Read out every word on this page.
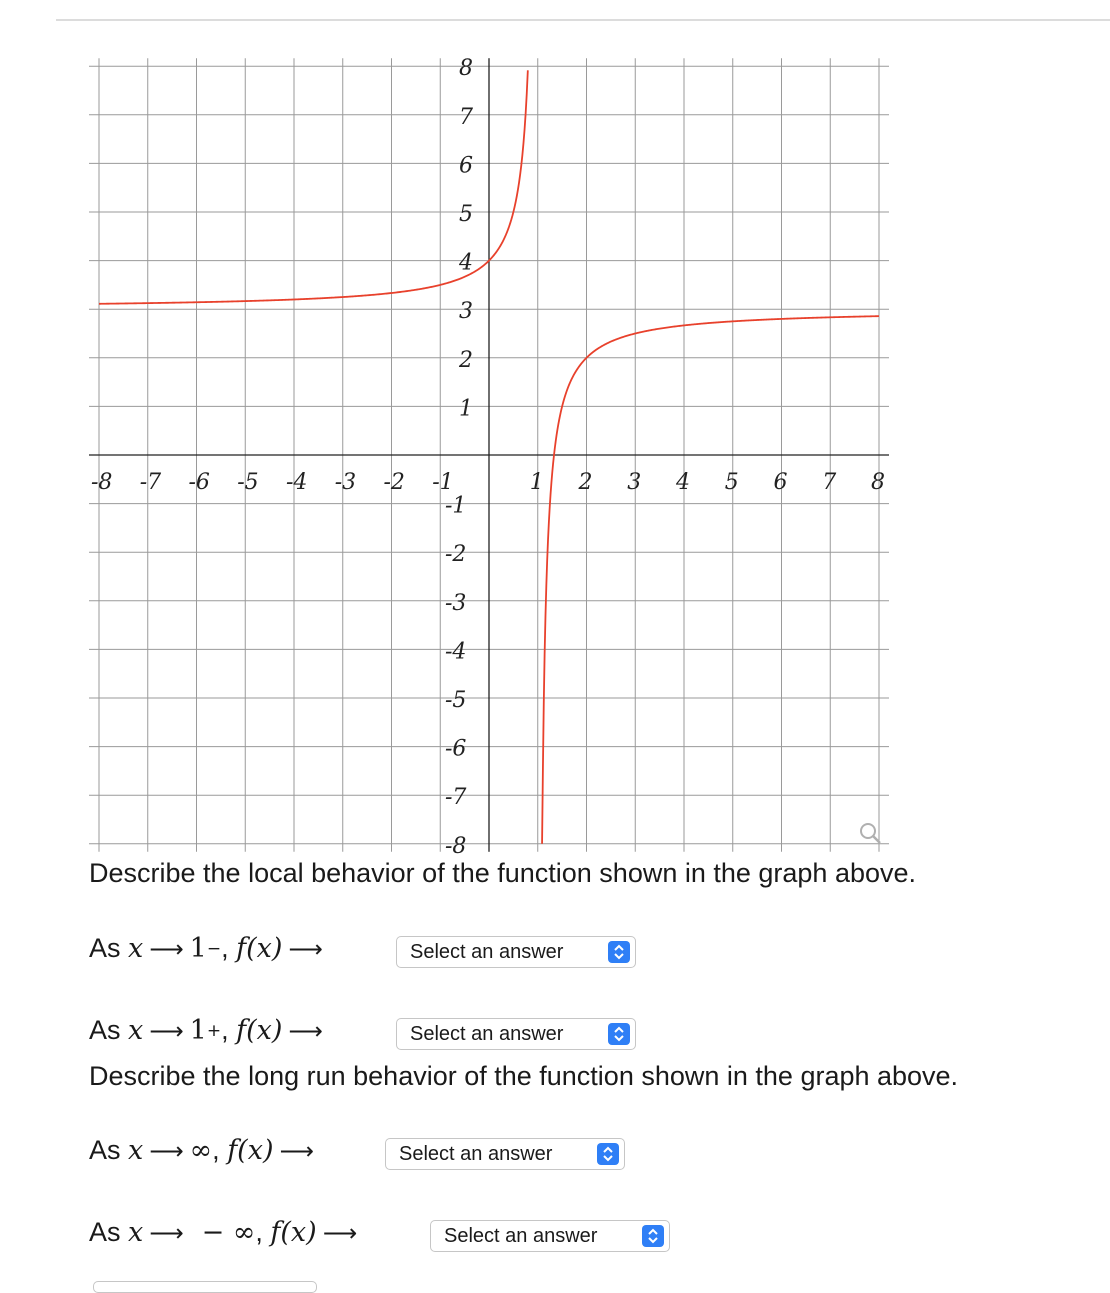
-8 -7 -6 -5 -4 -3 -2 -1	1 2 3 4 5 6 7 8
8
7
6
5
4
3
2
1
-1
-2
-3
-4
-5
-6
-7
-8
Describe the local behavior of the function shown in the graph above.
As
x ⟶ 1 − , f(x) ⟶	Select an answer
As
x ⟶ 1 + , f(x) ⟶	Select an answer
Describe the long run behavior of the function shown in the graph above.
As
x ⟶ ∞ , f(x) ⟶	Select an answer
As
x ⟶ − ∞ , f(x) ⟶	Select an answer
